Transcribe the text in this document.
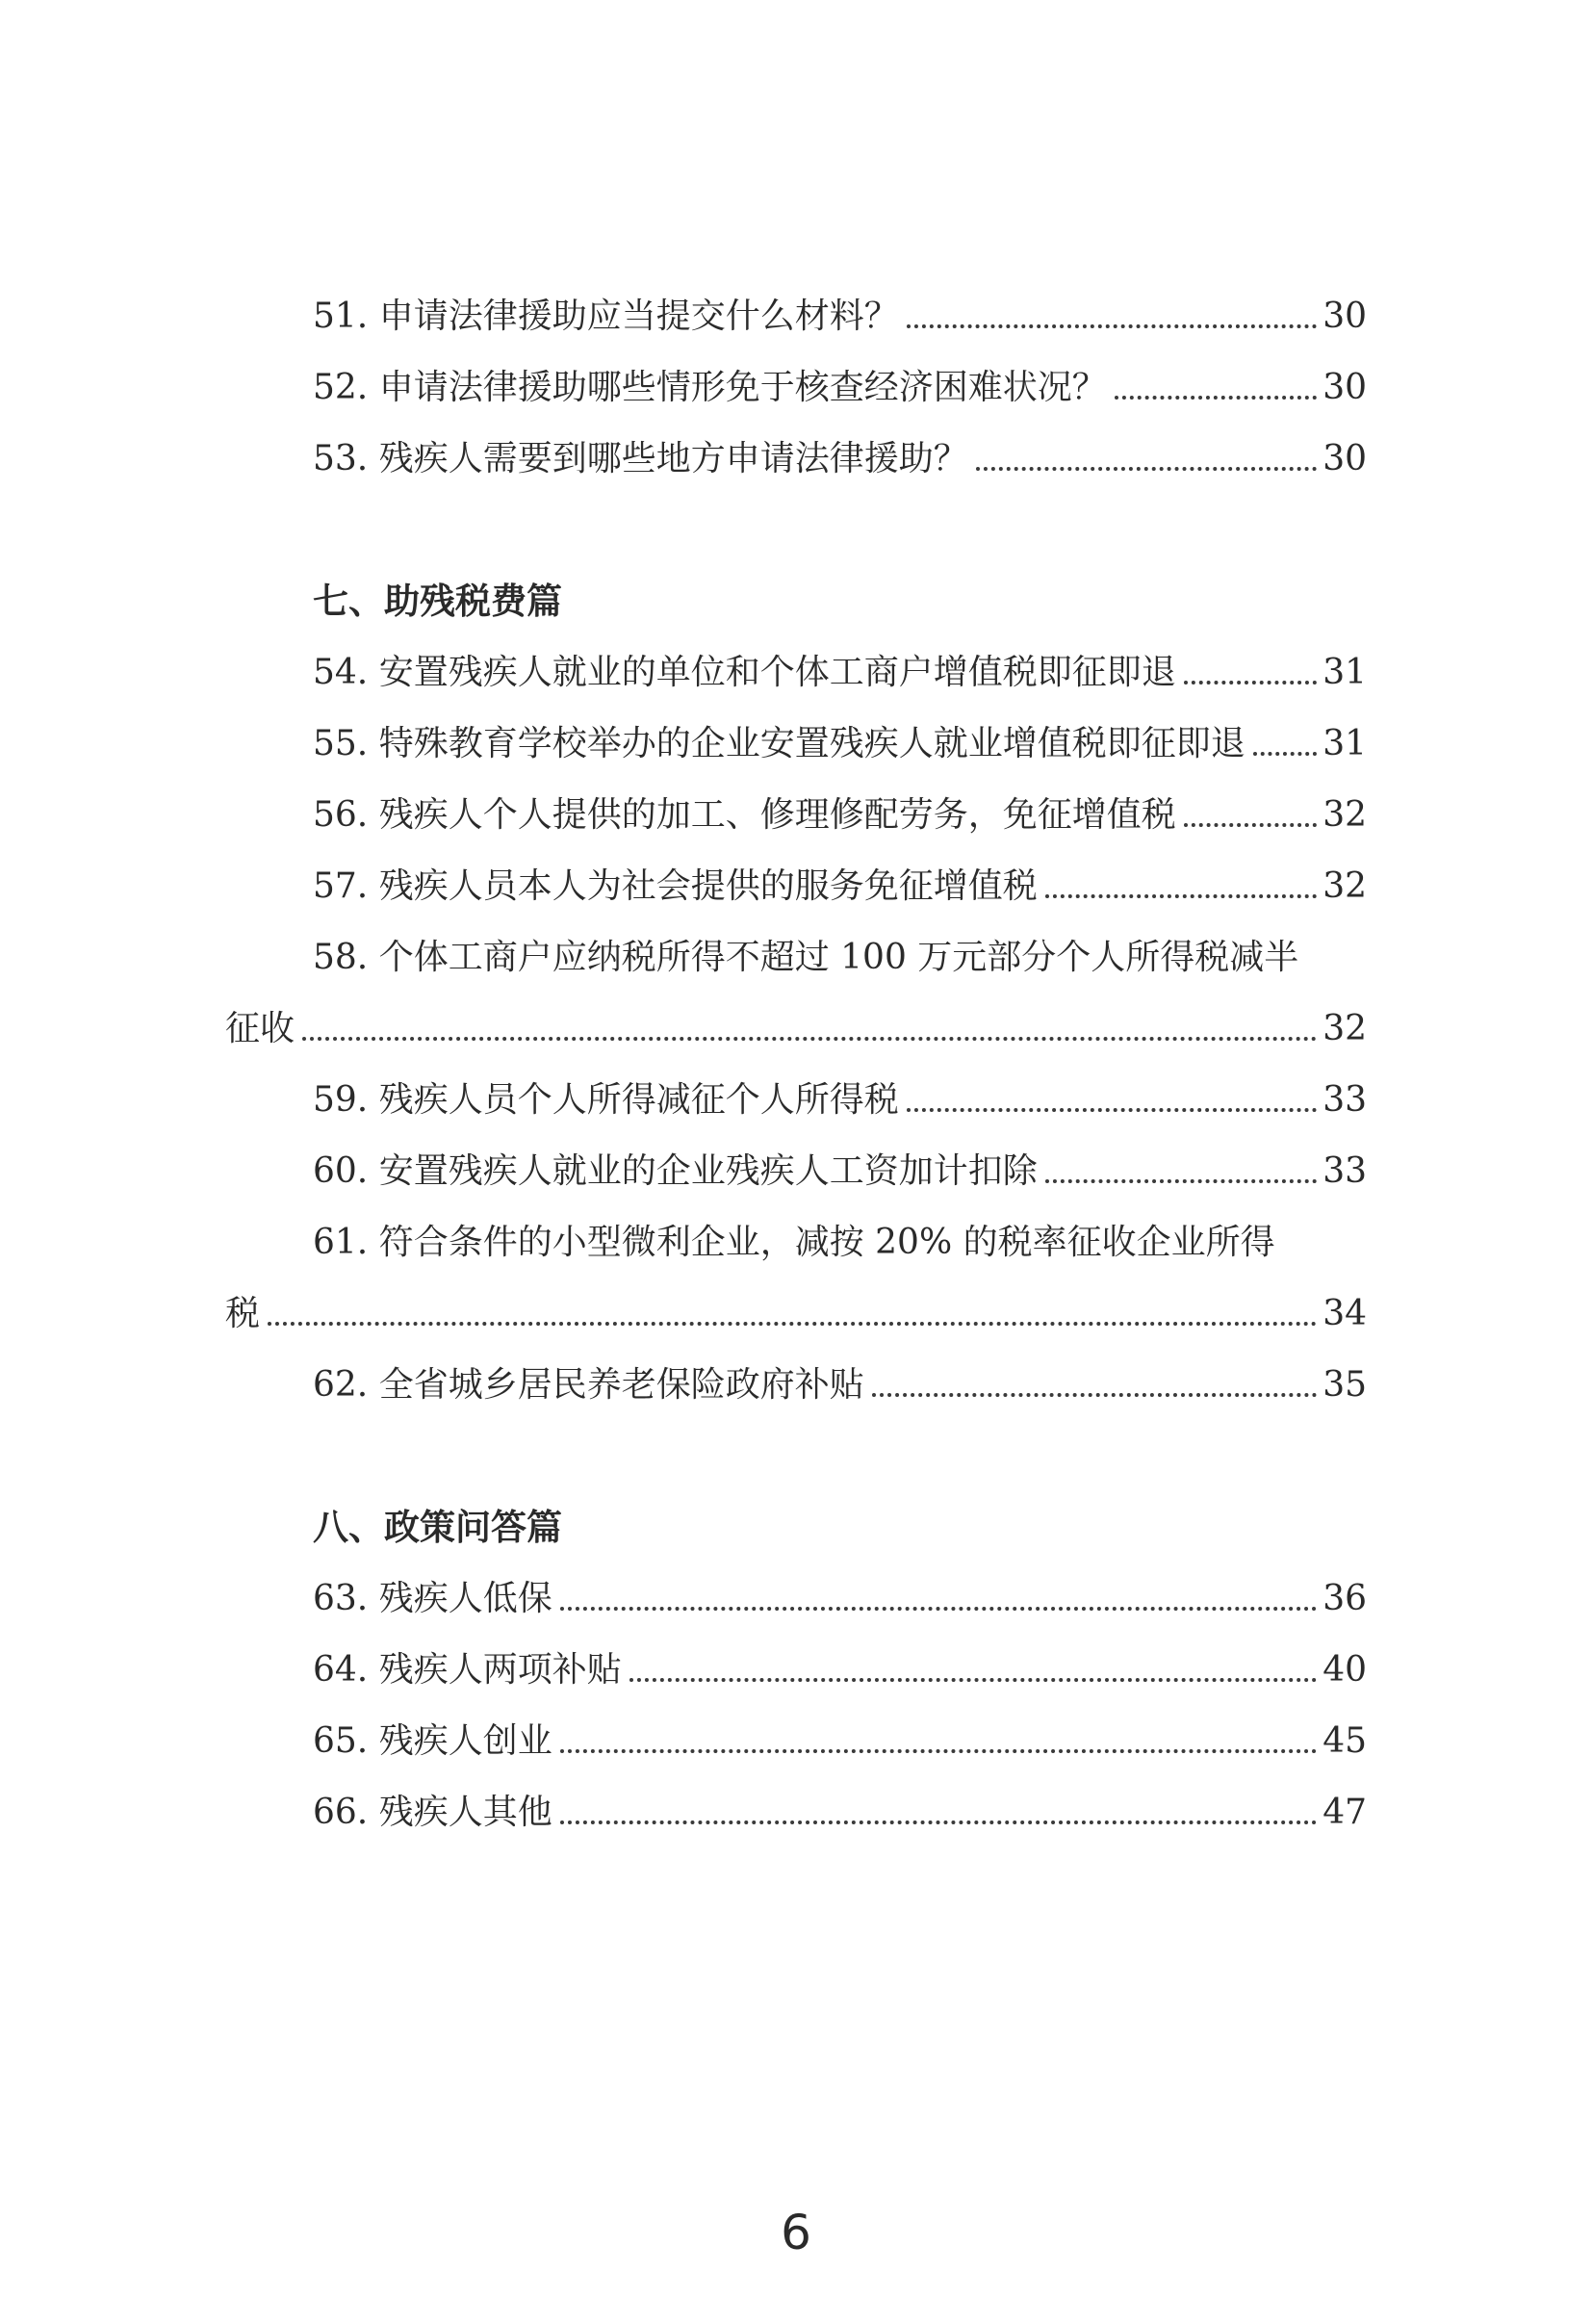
51. 申请法律援助应当提交什么材料？	30
52. 申请法律援助哪些情形免于核查经济困难状况？	30
53. 残疾人需要到哪些地方申请法律援助？	30
七、助残税费篇
54. 安置残疾人就业的单位和个体工商户增值税即征即退	31
55. 特殊教育学校举办的企业安置残疾人就业增值税即征即退 31
56. 残疾人个人提供的加工、修理修配劳务，免征增值税	32
57. 残疾人员本人为社会提供的服务免征增值税	32
58. 个体工商户应纳税所得不超过 100 万元部分个人所得税减半
征收	32
59. 残疾人员个人所得减征个人所得税	33
60. 安置残疾人就业的企业残疾人工资加计扣除	33
61. 符合条件的小型微利企业，减按 20% 的税率征收企业所得
税	34
62. 全省城乡居民养老保险政府补贴	35
八、政策问答篇
63. 残疾人低保	36
64. 残疾人两项补贴	40
65. 残疾人创业	45
66. 残疾人其他	47
6
